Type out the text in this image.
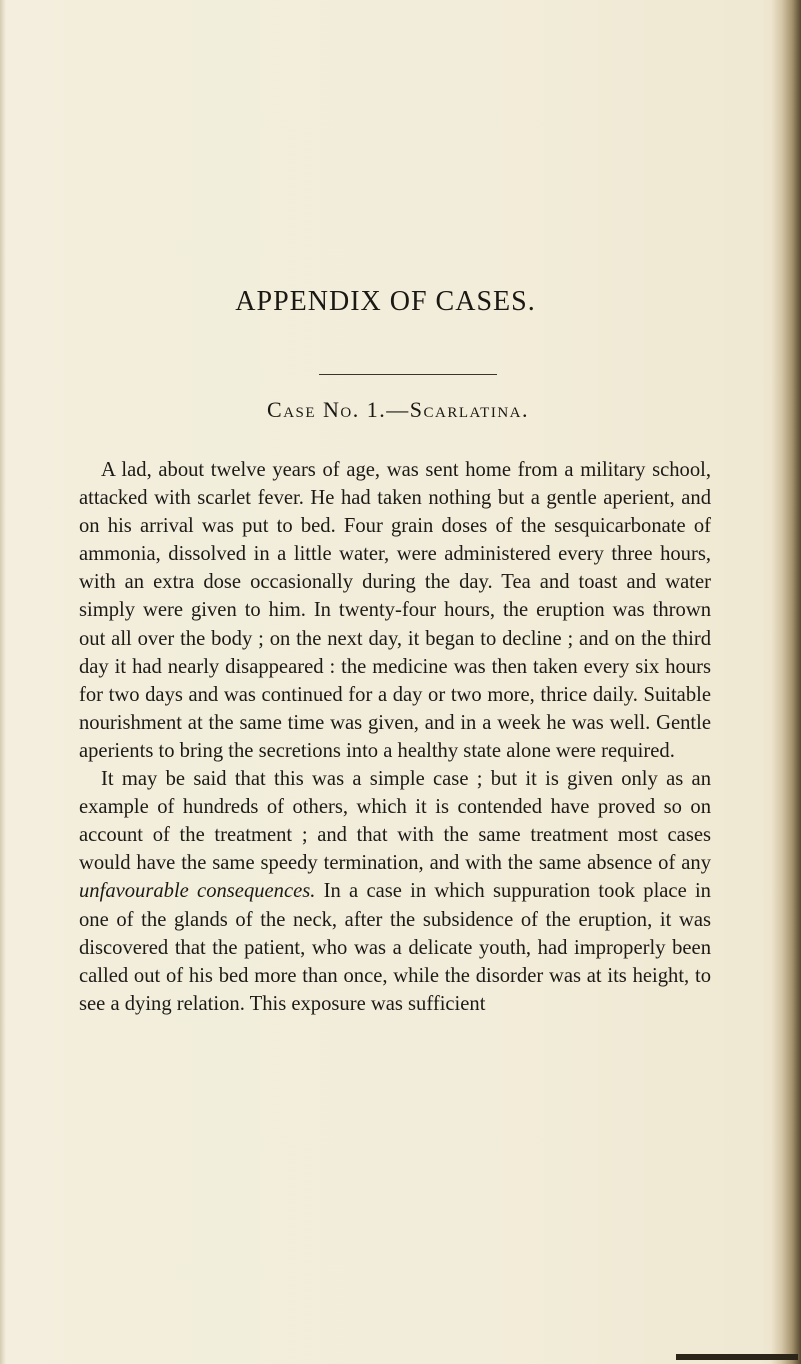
APPENDIX OF CASES.
Case No. 1.—Scarlatina.

A lad, about twelve years of age, was sent home from a military school, attacked with scarlet fever. He had taken nothing but a gentle aperient, and on his arrival was put to bed. Four grain doses of the sesquicarbonate of ammonia, dissolved in a little water, were administered every three hours, with an extra dose occasionally during the day. Tea and toast and water simply were given to him. In twenty-four hours, the eruption was thrown out all over the body ; on the next day, it began to decline ; and on the third day it had nearly disappeared : the medicine was then taken every six hours for two days and was continued for a day or two more, thrice daily. Suitable nourishment at the same time was given, and in a week he was well. Gentle aperients to bring the secretions into a healthy state alone were required.

It may be said that this was a simple case ; but it is given only as an example of hundreds of others, which it is contended have proved so on account of the treatment ; and that with the same treatment most cases would have the same speedy termination, and with the same absence of any unfavourable consequences. In a case in which suppuration took place in one of the glands of the neck, after the subsidence of the eruption, it was discovered that the patient, who was a delicate youth, had improperly been called out of his bed more than once, while the disorder was at its height, to see a dying relation. This exposure was sufficient
